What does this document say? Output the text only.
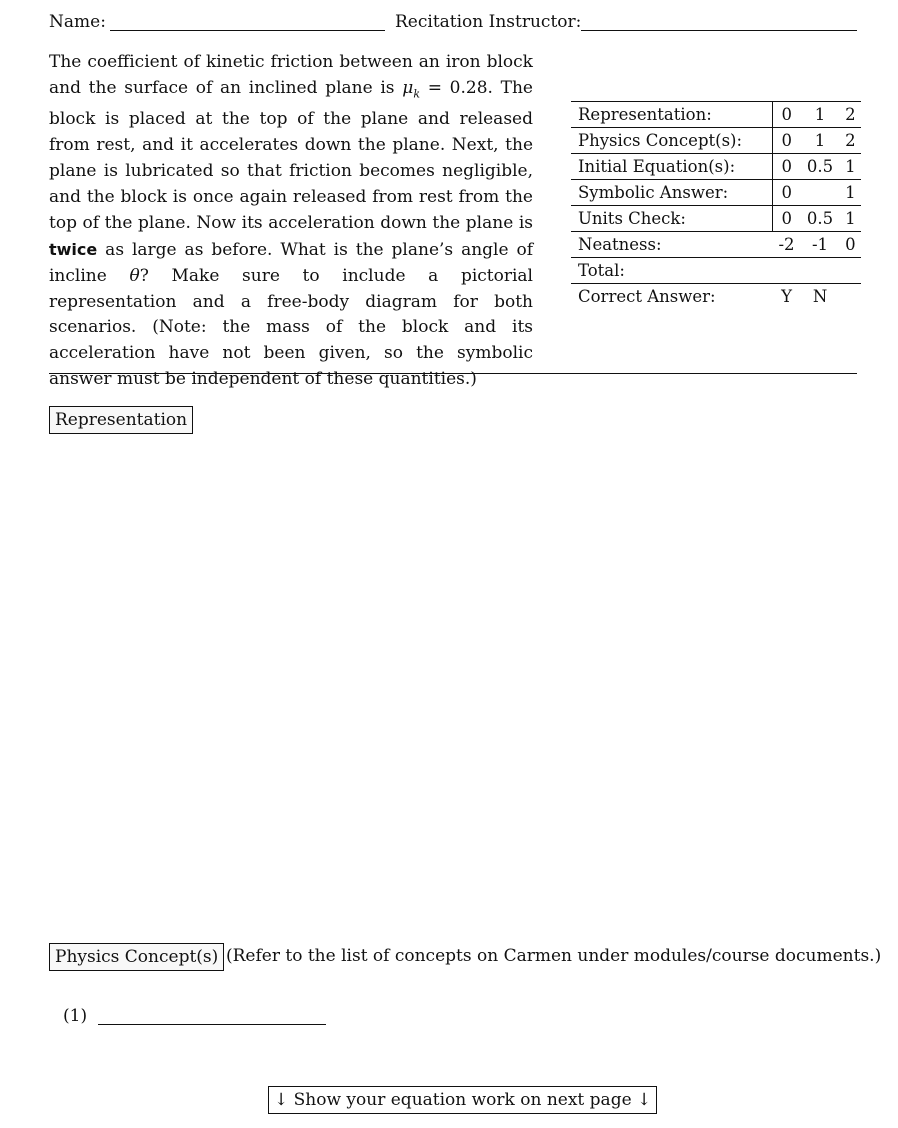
Name:	Recitation Instructor:
The coefficient of kinetic friction between an iron block and the surface of an inclined plane is $\mu_k = 0.28$. The block is placed at the top of the plane and released from rest, and it accelerates down the plane. Next, the plane is lubricated so that friction becomes negligible, and the block is once again released from rest from the top of the plane. Now its acceleration down the plane is twice as large as before. What is the plane’s angle of incline θ? Make sure to include a pictorial representation and a free-body diagram for both scenarios. (Note: the mass of the block and its acceleration have not been given, so the symbolic answer must be independent of these quantities.)
Representation:	0	1	2
Physics Concept(s):	0	1	2
Initial Equation(s):	0	0.5	1
Symbolic Answer:	0		1
Units Check:	0	0.5	1
Neatness:	-2	-1	0
Total:			
Correct Answer:	Y	N	
Representation
Physics Concept(s) (Refer to the list of concepts on Carmen under modules/course documents.)
(1)
↓ Show your equation work on next page ↓
